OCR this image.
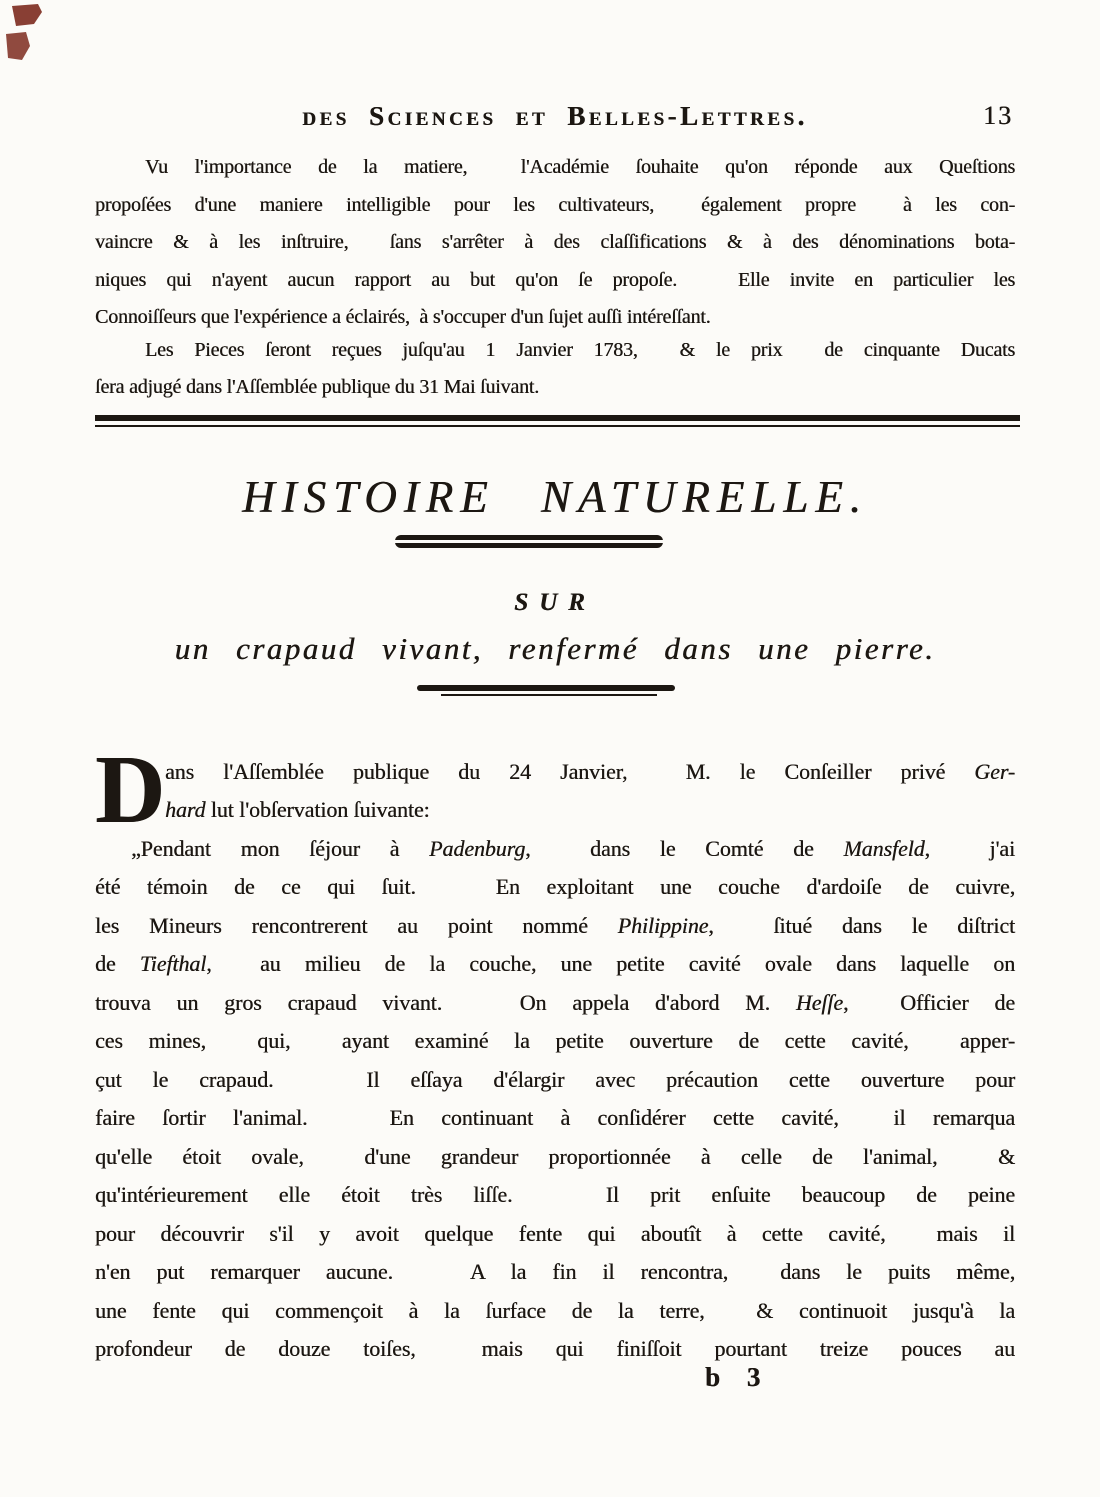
des Sciences et Belles-Lettres.	13
Vu l'importance de la matiere,  l'Académie ſouhaite qu'on réponde aux Queſtions
propoſées d'une maniere intelligible pour les cultivateurs,  également propre  à les con-
vaincre & à les inſtruire,  ſans s'arrêter à des claſſifications & à des dénominations bota-
niques qui n'ayent aucun rapport au but qu'on ſe propoſe.   Elle invite en particulier les
Connoiſſeurs que l'expérience a éclairés,  à s'occuper d'un ſujet auſſi intéreſſant.
Les Pieces ſeront reçues juſqu'au 1 Janvier 1783,  & le prix  de cinquante Ducats
ſera adjugé dans l'Aſſemblée publique du 31 Mai ſuivant.
HISTOIRE NATURELLE.
SUR
un crapaud vivant, renfermé dans une pierre.
D ans l'Aſſemblée publique du 24 Janvier,  M. le Conſeiller privé Ger-
hard lut l'obſervation ſuivante:
„Pendant mon ſéjour à Padenburg,  dans le Comté de Mansfeld,  j'ai
été témoin de ce qui ſuit.   En exploitant une couche d'ardoiſe de cuivre,
les Mineurs rencontrerent au point nommé Philippine,  ſitué dans le diſtrict
de Tiefthal,  au milieu de la couche, une petite cavité ovale dans laquelle on
trouva un gros crapaud vivant.   On appela d'abord M. Heſſe,  Officier de
ces mines,  qui,  ayant examiné la petite ouverture de cette cavité,  apper-
çut le crapaud.   Il eſſaya d'élargir avec précaution cette ouverture pour
faire ſortir l'animal.   En continuant à conſidérer cette cavité,  il remarqua
qu'elle étoit ovale,  d'une grandeur proportionnée à celle de l'animal,  &
qu'intérieurement elle étoit très liſſe.   Il prit enſuite beaucoup de peine
pour découvrir s'il y avoit quelque fente qui aboutît à cette cavité,  mais il
n'en put remarquer aucune.   A la fin il rencontra,  dans le puits même,
une fente qui commençoit à la ſurface de la terre,  & continuoit jusqu'à la
profondeur de douze toiſes,  mais qui finiſſoit pourtant treize pouces au
b 3
